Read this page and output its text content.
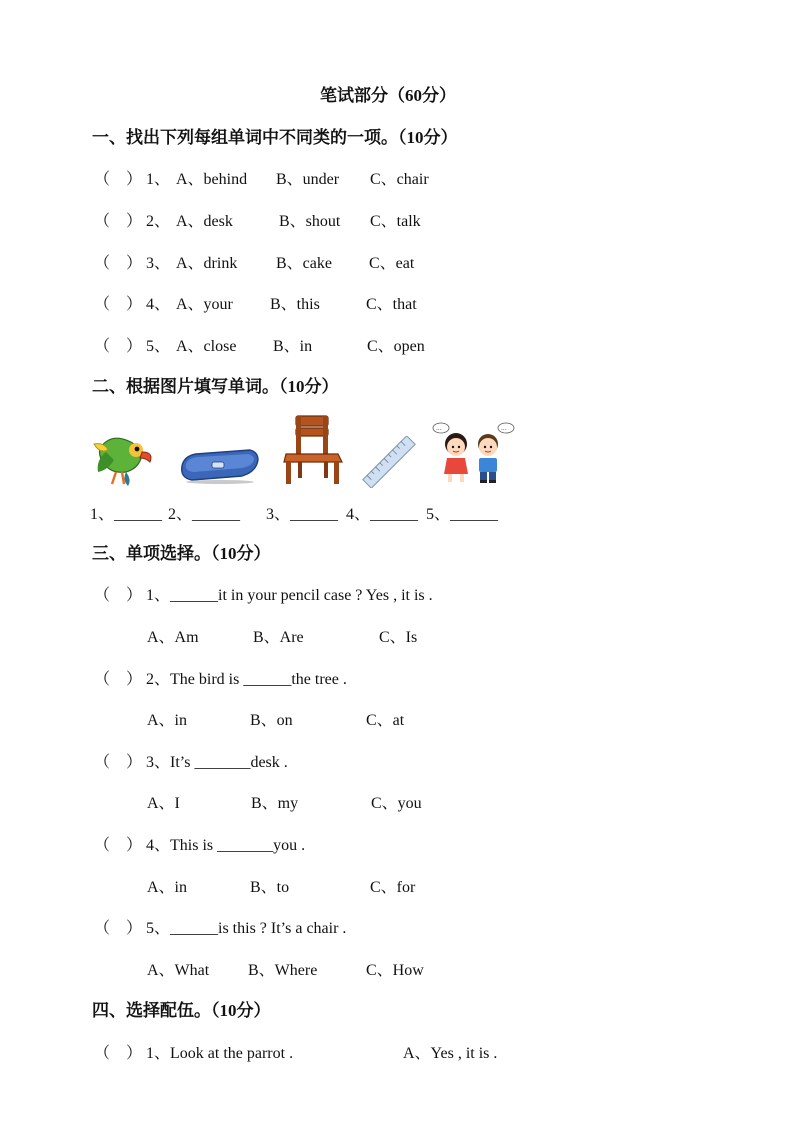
笔试部分（60分）
一、找出下列每组单词中不同类的一项。（10分）
（　） 1、 A、behind B、under C、chair
（　） 2、 A、desk	B、shout C、talk
（　） 3、 A、drink B、cake C、eat
（　） 4、 A、your B、this	C、that
（　） 5、 A、close B、in	C、open
二、根据图片填写单词。（10分）
...	...
1、______ 2、______ 3、______ 4、______ 5、______
三、单项选择。（10分）
（　） 1、______it in your pencil case ? Yes , it is .
A、Am	B、Are	C、Is
（　） 2、The bird is ______the tree .
A、in	B、on	C、at
（　） 3、It’s _______desk .
A、I	B、my	C、you
（　） 4、This is _______you .
A、in	B、to	C、for
（　） 5、______is this ? It’s a chair .
A、What B、Where	C、How
四、选择配伍。（10分）
（　） 1、Look at the parrot .	A、Yes , it is .
